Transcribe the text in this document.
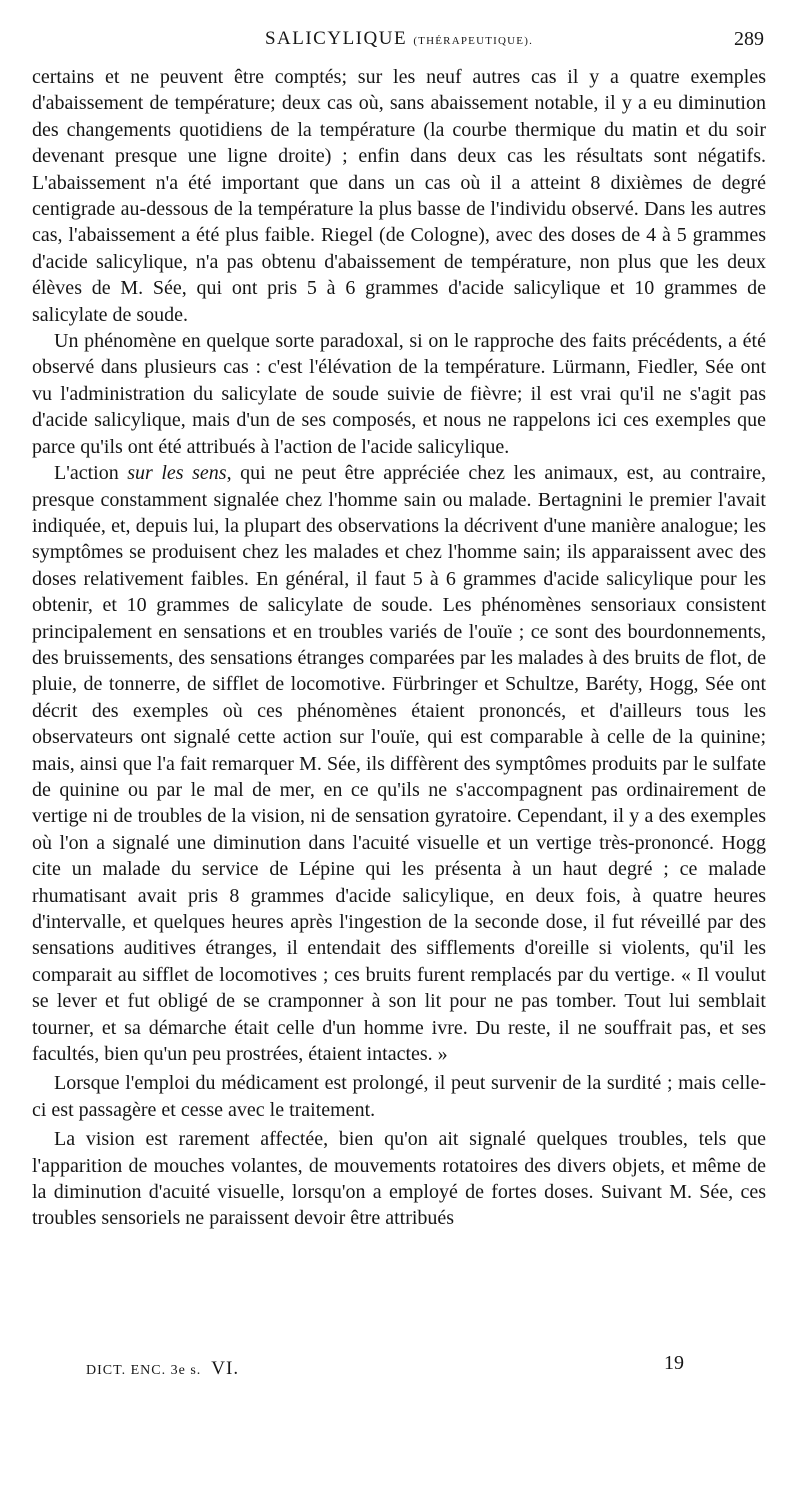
SALICYLIQUE (THÉRAPEUTIQUE).	289

certains et ne peuvent être comptés; sur les neuf autres cas il y a quatre exemples d'abaissement de température; deux cas où, sans abaissement notable, il y a eu diminution des changements quotidiens de la température (la courbe thermique du matin et du soir devenant presque une ligne droite) ; enfin dans deux cas les résultats sont négatifs. L'abaissement n'a été important que dans un cas où il a atteint 8 dixièmes de degré centigrade au-dessous de la température la plus basse de l'individu observé. Dans les autres cas, l'abaissement a été plus faible. Riegel (de Cologne), avec des doses de 4 à 5 grammes d'acide salicylique, n'a pas obtenu d'abaissement de température, non plus que les deux élèves de M. Sée, qui ont pris 5 à 6 grammes d'acide salicylique et 10 grammes de salicylate de soude.

Un phénomène en quelque sorte paradoxal, si on le rapproche des faits précédents, a été observé dans plusieurs cas : c'est l'élévation de la température. Lürmann, Fiedler, Sée ont vu l'administration du salicylate de soude suivie de fièvre; il est vrai qu'il ne s'agit pas d'acide salicylique, mais d'un de ses composés, et nous ne rappelons ici ces exemples que parce qu'ils ont été attribués à l'action de l'acide salicylique.

L'action sur les sens, qui ne peut être appréciée chez les animaux, est, au contraire, presque constamment signalée chez l'homme sain ou malade. Bertagnini le premier l'avait indiquée, et, depuis lui, la plupart des observations la décrivent d'une manière analogue; les symptômes se produisent chez les malades et chez l'homme sain; ils apparaissent avec des doses relativement faibles. En général, il faut 5 à 6 grammes d'acide salicylique pour les obtenir, et 10 grammes de salicylate de soude. Les phénomènes sensoriaux consistent principalement en sensations et en troubles variés de l'ouïe ; ce sont des bourdonnements, des bruissements, des sensations étranges comparées par les malades à des bruits de flot, de pluie, de tonnerre, de sifflet de locomotive. Fürbringer et Schultze, Baréty, Hogg, Sée ont décrit des exemples où ces phénomènes étaient prononcés, et d'ailleurs tous les observateurs ont signalé cette action sur l'ouïe, qui est comparable à celle de la quinine; mais, ainsi que l'a fait remarquer M. Sée, ils diffèrent des symptômes produits par le sulfate de quinine ou par le mal de mer, en ce qu'ils ne s'accompagnent pas ordinairement de vertige ni de troubles de la vision, ni de sensation gyratoire. Cependant, il y a des exemples où l'on a signalé une diminution dans l'acuité visuelle et un vertige très-prononcé. Hogg cite un malade du service de Lépine qui les présenta à un haut degré ; ce malade rhumatisant avait pris 8 grammes d'acide salicylique, en deux fois, à quatre heures d'intervalle, et quelques heures après l'ingestion de la seconde dose, il fut réveillé par des sensations auditives étranges, il entendait des sifflements d'oreille si violents, qu'il les comparait au sifflet de locomotives ; ces bruits furent remplacés par du vertige. « Il voulut se lever et fut obligé de se cramponner à son lit pour ne pas tomber. Tout lui semblait tourner, et sa démarche était celle d'un homme ivre. Du reste, il ne souffrait pas, et ses facultés, bien qu'un peu prostrées, étaient intactes. »

Lorsque l'emploi du médicament est prolongé, il peut survenir de la surdité ; mais celle-ci est passagère et cesse avec le traitement.

La vision est rarement affectée, bien qu'on ait signalé quelques troubles, tels que l'apparition de mouches volantes, de mouvements rotatoires des divers objets, et même de la diminution d'acuité visuelle, lorsqu'on a employé de fortes doses. Suivant M. Sée, ces troubles sensoriels ne paraissent devoir être attribués

DICT. ENC. 3e s. VI.	19
